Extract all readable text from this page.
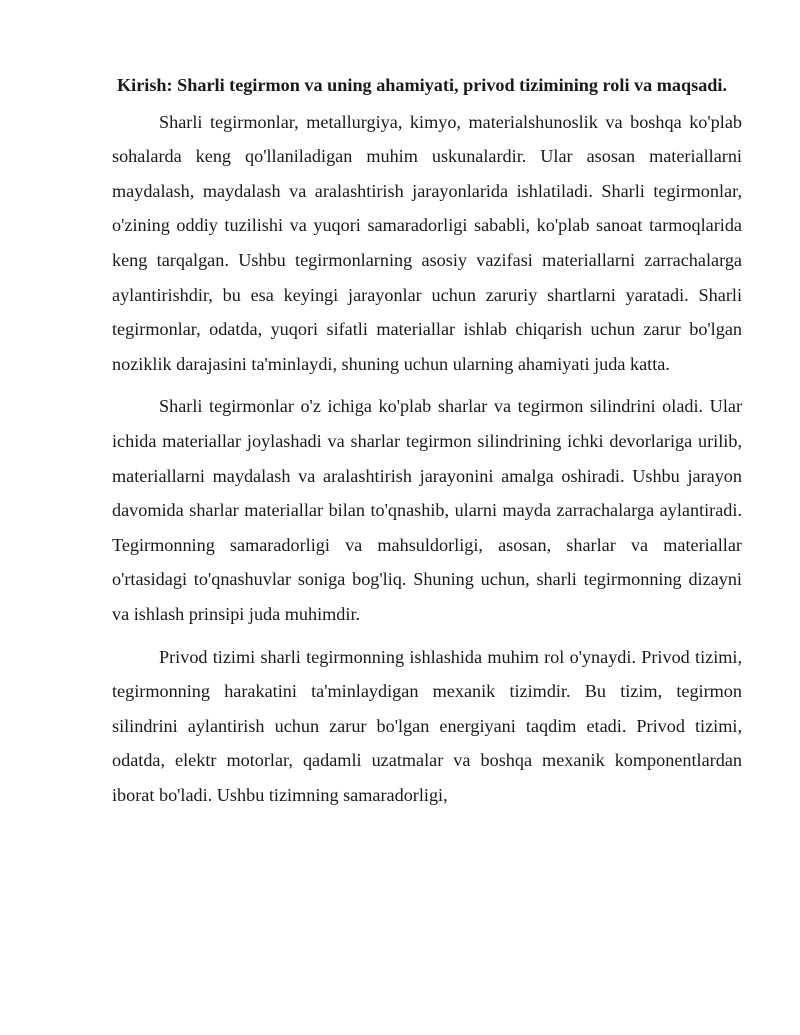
Kirish: Sharli tegirmon va uning ahamiyati, privod tizimining roli va maqsadi.

Sharli tegirmonlar, metallurgiya, kimyo, materialshunoslik va boshqa ko'plab sohalarda keng qo'llaniladigan muhim uskunalardir. Ular asosan materiallarni maydalash, maydalash va aralashtirish jarayonlarida ishlatiladi. Sharli tegirmonlar, o'zining oddiy tuzilishi va yuqori samaradorligi sababli, ko'plab sanoat tarmoqlarida keng tarqalgan. Ushbu tegirmonlarning asosiy vazifasi materiallarni zarrachalarga aylantirishdir, bu esa keyingi jarayonlar uchun zaruriy shartlarni yaratadi. Sharli tegirmonlar, odatda, yuqori sifatli materiallar ishlab chiqarish uchun zarur bo'lgan noziklik darajasini ta'minlaydi, shuning uchun ularning ahamiyati juda katta.

Sharli tegirmonlar o'z ichiga ko'plab sharlar va tegirmon silindrini oladi. Ular ichida materiallar joylashadi va sharlar tegirmon silindrining ichki devorlariga urilib, materiallarni maydalash va aralashtirish jarayonini amalga oshiradi. Ushbu jarayon davomida sharlar materiallar bilan to'qnashib, ularni mayda zarrachalarga aylantiradi. Tegirmonning samaradorligi va mahsuldorligi, asosan, sharlar va materiallar o'rtasidagi to'qnashuvlar soniga bog'liq. Shuning uchun, sharli tegirmonning dizayni va ishlash prinsipi juda muhimdir.

Privod tizimi sharli tegirmonning ishlashida muhim rol o'ynaydi. Privod tizimi, tegirmonning harakatini ta'minlaydigan mexanik tizimdir. Bu tizim, tegirmon silindrini aylantirish uchun zarur bo'lgan energiyani taqdim etadi. Privod tizimi, odatda, elektr motorlar, qadamli uzatmalar va boshqa mexanik komponentlardan iborat bo'ladi. Ushbu tizimning samaradorligi,
